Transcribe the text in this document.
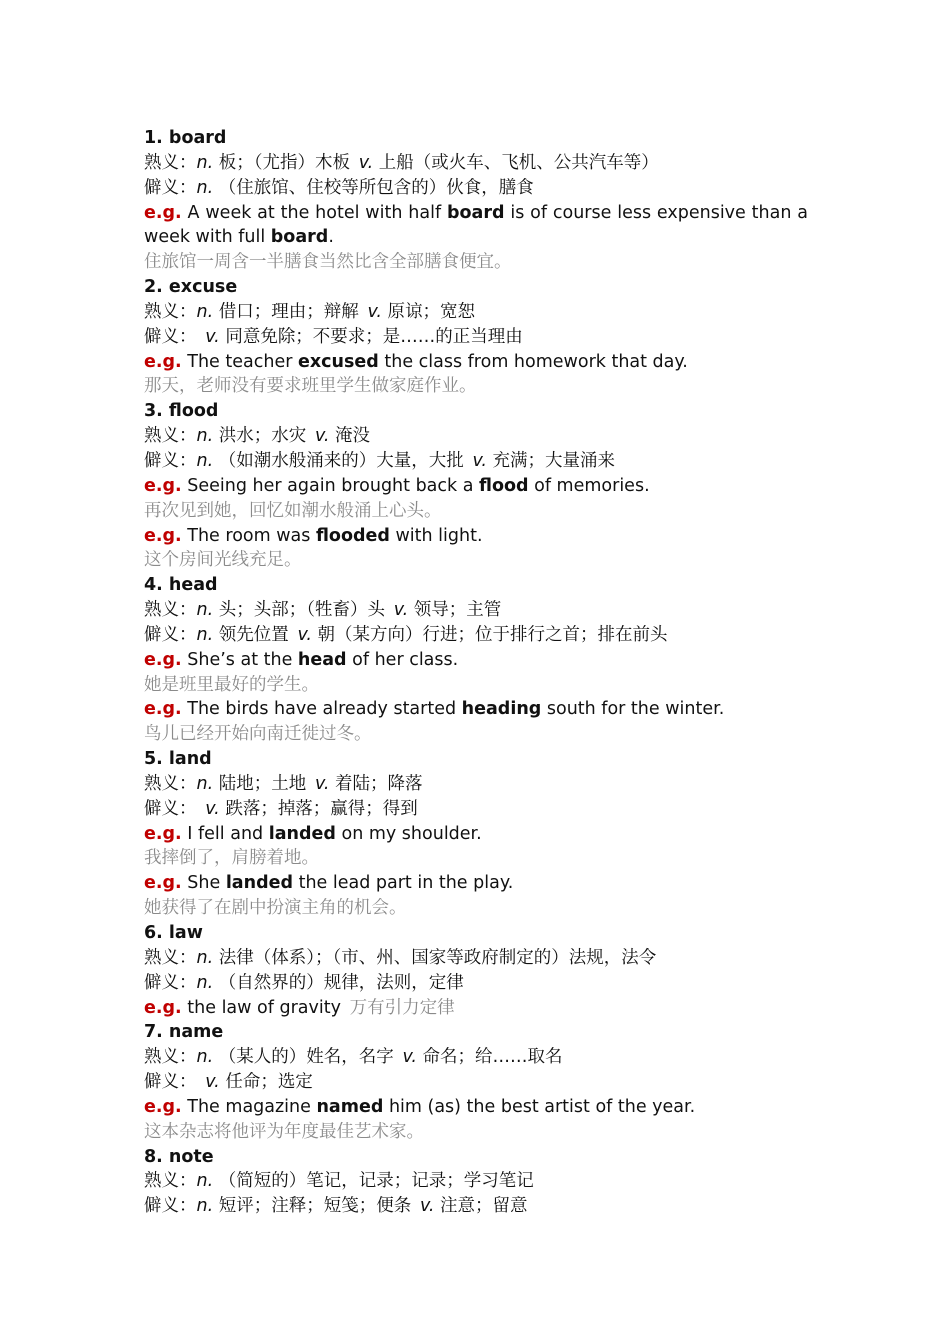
1. board
熟义：n. 板；（尤指）木板  v. 上船（或火车、飞机、公共汽车等）
僻义：n. （住旅馆、住校等所包含的）伙食，膳食
e.g. A week at the hotel with half board is of course less expensive than a week with full board.
住旅馆一周含一半膳食当然比含全部膳食便宜。
2. excuse
熟义：n. 借口；理由；辩解  v. 原谅；宽恕
僻义：  v. 同意免除；不要求；是……的正当理由
e.g. The teacher excused the class from homework that day.
那天，老师没有要求班里学生做家庭作业。
3. flood
熟义：n. 洪水；水灾  v. 淹没
僻义：n. （如潮水般涌来的）大量，大批  v. 充满；大量涌来
e.g. Seeing her again brought back a flood of memories.
再次见到她，回忆如潮水般涌上心头。
e.g. The room was flooded with light.
这个房间光线充足。
4. head
熟义：n. 头；头部；（牲畜）头  v. 领导；主管
僻义：n. 领先位置  v. 朝（某方向）行进；位于排行之首；排在前头
e.g. She’s at the head of her class.
她是班里最好的学生。
e.g. The birds have already started heading south for the winter.
鸟儿已经开始向南迁徙过冬。
5. land
熟义：n. 陆地；土地  v. 着陆；降落
僻义：  v. 跌落；掉落；赢得；得到
e.g. I fell and landed on my shoulder.
我摔倒了，肩膀着地。
e.g. She landed the lead part in the play.
她获得了在剧中扮演主角的机会。
6. law
熟义：n. 法律（体系）；（市、州、国家等政府制定的）法规，法令
僻义：n. （自然界的）规律，法则，定律
e.g. the law of gravity  万有引力定律
7. name
熟义：n. （某人的）姓名，名字  v. 命名；给……取名
僻义：  v. 任命；选定
e.g. The magazine named him (as) the best artist of the year.
这本杂志将他评为年度最佳艺术家。
8. note
熟义：n. （简短的）笔记，记录；记录；学习笔记
僻义：n. 短评；注释；短笺；便条  v. 注意；留意
